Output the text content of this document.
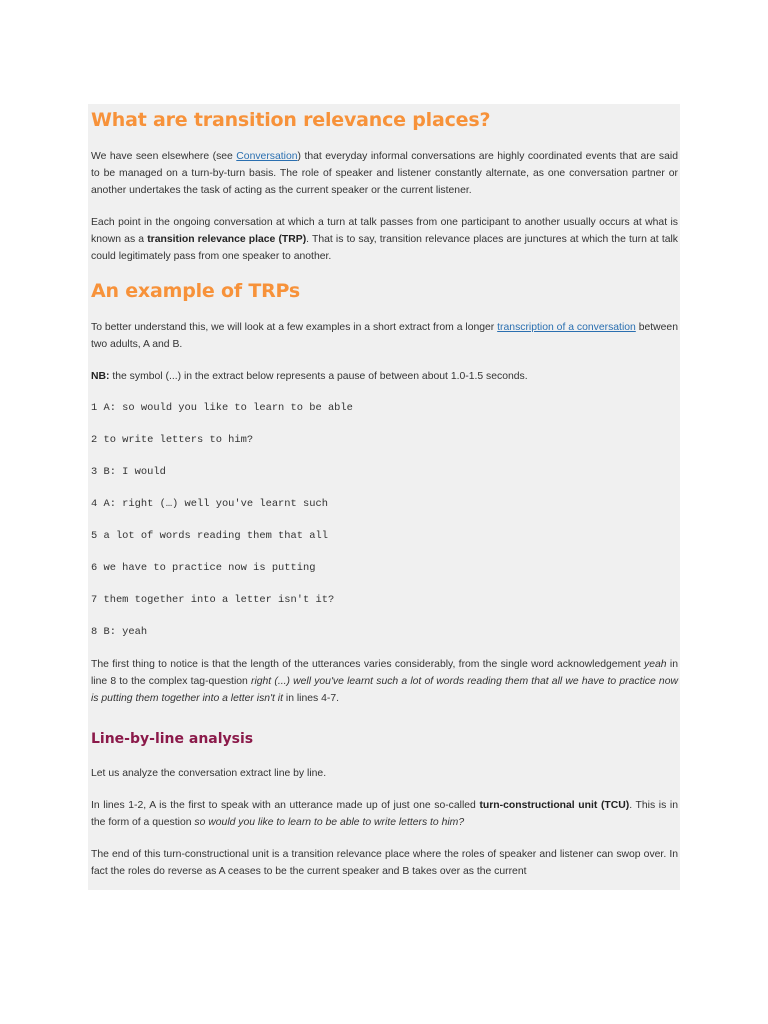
What are transition relevance places?

We have seen elsewhere (see Conversation) that everyday informal conversations are highly coordinated events that are said to be managed on a turn-by-turn basis. The role of speaker and listener constantly alternate, as one conversation partner or another undertakes the task of acting as the current speaker or the current listener.

Each point in the ongoing conversation at which a turn at talk passes from one participant to another usually occurs at what is known as a transition relevance place (TRP). That is to say, transition relevance places are junctures at which the turn at talk could legitimately pass from one speaker to another.

An example of TRPs

To better understand this, we will look at a few examples in a short extract from a longer transcription of a conversation between two adults, A and B.

NB: the symbol (...) in the extract below represents a pause of between about 1.0-1.5 seconds.

1 A: so would you like to learn to be able
2 to write letters to him?
3 B: I would
4 A: right (…) well you've learnt such
5 a lot of words reading them that all
6 we have to practice now is putting
7 them together into a letter isn't it?
8 B: yeah

The first thing to notice is that the length of the utterances varies considerably, from the single word acknowledgement yeah in line 8 to the complex tag-question right (...) well you've learnt such a lot of words reading them that all we have to practice now is putting them together into a letter isn't it in lines 4-7.

Line-by-line analysis

Let us analyze the conversation extract line by line.

In lines 1-2, A is the first to speak with an utterance made up of just one so-called turn-constructional unit (TCU). This is in the form of a question so would you like to learn to be able to write letters to him?

The end of this turn-constructional unit is a transition relevance place where the roles of speaker and listener can swop over. In fact the roles do reverse as A ceases to be the current speaker and B takes over as the current
